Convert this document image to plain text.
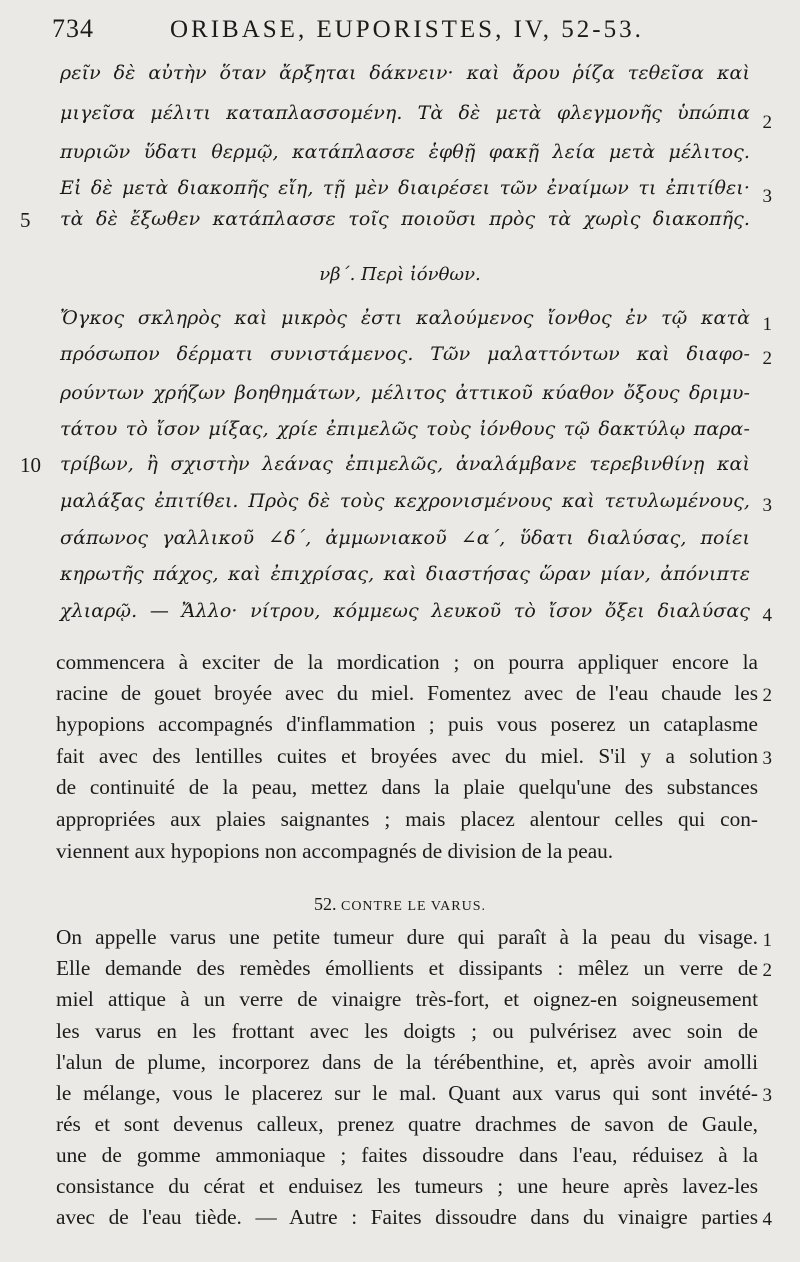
734	ORIBASE, EUPORISTES, IV, 52-53.
ρεῖν δὲ αὐτὴν ὅταν ἄρξηται δάκνειν· καὶ ἄρου ῥίζα τεθεῖσα καὶ
μιγεῖσα μέλιτι καταπλασσομένη. Τὰ δὲ μετὰ φλεγμονῆς ὑπώπια 2
πυριῶν ὕδατι θερμῷ, κατάπλασσε ἑφθῇ φακῇ λεία μετὰ μέλιτος.
Εἰ δὲ μετὰ διακοπῆς εἴη, τῇ μὲν διαιρέσει τῶν ἐναίμων τι ἐπιτίθει· 3
5 τὰ δὲ ἔξωθεν κατάπλασσε τοῖς ποιοῦσι πρὸς τὰ χωρὶς διακοπῆς.
νβ΄. Περὶ ἰόνθων.
Ὄγκος σκληρὸς καὶ μικρὸς ἐστι καλούμενος ἴονθος ἐν τῷ κατὰ 1
πρόσωπον δέρματι συνιστάμενος. Τῶν μαλαττόντων καὶ διαφο- 2
ρούντων χρήζων βοηθημάτων, μέλιτος ἀττικοῦ κύαθον ὄξους δριμυ-
τάτου τὸ ἴσον μίξας, χρίε ἐπιμελῶς τοὺς ἰόνθους τῷ δακτύλῳ παρα-
10 τρίβων, ἢ σχιστὴν λεάνας ἐπιμελῶς, ἀναλάμβανε τερεβινθίνῃ καὶ
μαλάξας ἐπιτίθει. Πρὸς δὲ τοὺς κεχρονισμένους καὶ τετυλωμένους, 3
σάπωνος γαλλικοῦ ∠δ΄, ἀμμωνιακοῦ ∠α΄, ὕδατι διαλύσας, ποίει
κηρωτῆς πάχος, καὶ ἐπιχρίσας, καὶ διαστήσας ὥραν μίαν, ἀπόνιπτε
χλιαρῷ. — Ἄλλο· νίτρου, κόμμεως λευκοῦ τὸ ἴσον ὄξει διαλύσας 4
commencera à exciter de la mordication ; on pourra appliquer encore la
racine de gouet broyée avec du miel. Fomentez avec de l'eau chaude les 2
hypopions accompagnés d'inflammation ; puis vous poserez un cataplasme
fait avec des lentilles cuites et broyées avec du miel. S'il y a solution 3
de continuité de la peau, mettez dans la plaie quelqu'une des substances
appropriées aux plaies saignantes ; mais placez alentour celles qui con-
viennent aux hypopions non accompagnés de division de la peau.
52. CONTRE LE VARUS.
On appelle varus une petite tumeur dure qui paraît à la peau du visage. 1
Elle demande des remèdes émollients et dissipants : mêlez un verre de 2
miel attique à un verre de vinaigre très-fort, et oignez-en soigneusement
les varus en les frottant avec les doigts ; ou pulvérisez avec soin de
l'alun de plume, incorporez dans de la térébenthine, et, après avoir amolli
le mélange, vous le placerez sur le mal. Quant aux varus qui sont invété- 3
rés et sont devenus calleux, prenez quatre drachmes de savon de Gaule,
une de gomme ammoniaque ; faites dissoudre dans l'eau, réduisez à la
consistance du cérat et enduisez les tumeurs ; une heure après lavez-les
avec de l'eau tiède. — Autre : Faites dissoudre dans du vinaigre parties 4
